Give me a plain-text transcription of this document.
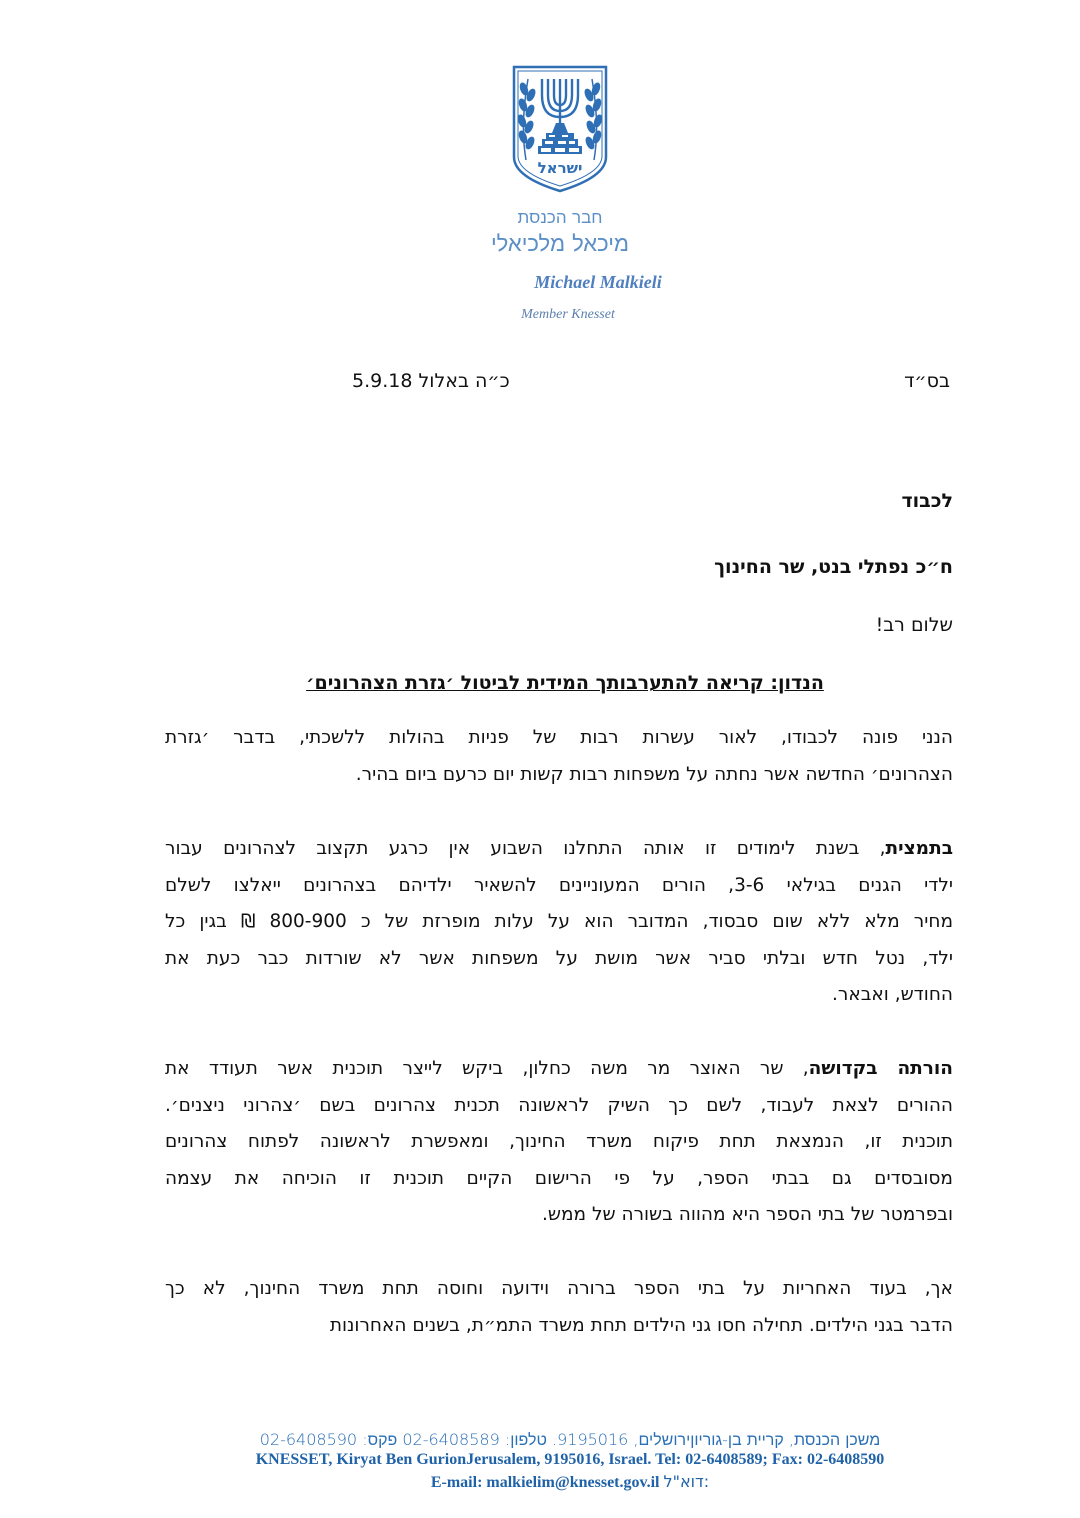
ישראל
חבר הכנסת
מיכאל מלכיאלי
Michael Malkieli
Member Knesset
בס״ד
כ״ה באלול 5.9.18
לכבוד
ח״כ נפתלי בנט, שר החינוך
שלום רב!
הנדון: קריאה להתערבותך המידית לביטול ׳גזרת הצהרונים׳
הנני פונה לכבודו, לאור עשרות רבות של פניות בהולות ללשכתי, בדבר ׳גזרת
הצהרונים׳ החדשה אשר נחתה על משפחות רבות קשות יום כרעם ביום בהיר.
בתמצית, בשנת לימודים זו אותה התחלנו השבוע אין כרגע תקצוב לצהרונים עבור
ילדי הגנים בגילאי 3-6, הורים המעוניינים להשאיר ילדיהם בצהרונים ייאלצו לשלם
מחיר מלא ללא שום סבסוד, המדובר הוא על עלות מופרזת של כ 800-900 ₪ בגין כל
ילד, נטל חדש ובלתי סביר אשר מושת על משפחות אשר לא שורדות כבר כעת את
החודש, ואבאר.
הורתה בקדושה, שר האוצר מר משה כחלון, ביקש לייצר תוכנית אשר תעודד את
ההורים לצאת לעבוד, לשם כך השיק לראשונה תכנית צהרונים בשם ׳צהרוני ניצנים׳.
תוכנית זו, הנמצאת תחת פיקוח משרד החינוך, ומאפשרת לראשונה לפתוח צהרונים
מסובסדים גם בבתי הספר, על פי הרישום הקיים תוכנית זו הוכיחה את עצמה
ובפרמטר של בתי הספר היא מהווה בשורה של ממש.
אך, בעוד האחריות על בתי הספר ברורה וידועה וחוסה תחת משרד החינוך, לא כך
הדבר בגני הילדים. תחילה חסו גני הילדים תחת משרד התמ״ת, בשנים האחרונות
משכן הכנסת, קריית בן-גוריוןירושלים, 9195016. טלפון: 02-6408589 פקס: 02-6408590
KNESSET, Kiryat Ben GurionJerusalem, 9195016, Israel. Tel: 02-6408589; Fax: 02-6408590
E-mail: malkielim@knesset.gov.il דוא"ל:
